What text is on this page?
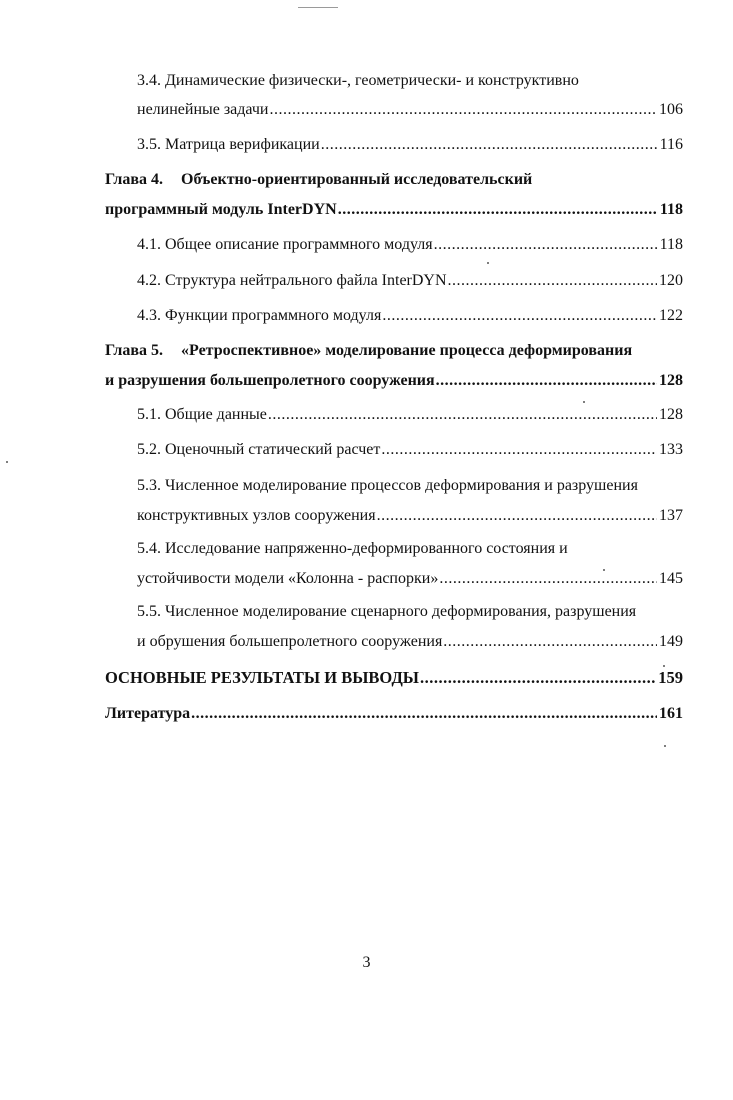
3.4. Динамические физически-, геометрически- и конструктивно
нелинейные задачи .....	106
3.5. Матрица верификации .....	116
Глава 4. Объектно-ориентированный исследовательский
программный модуль InterDYN .....	118
4.1. Общее описание программного модуля .....	118
4.2. Структура нейтрального файла InterDYN .....	120
4.3. Функции программного модуля .....	122
Глава 5. «Ретроспективное» моделирование процесса деформирования
и разрушения большепролетного сооружения .....	128
5.1. Общие данные .....	128
5.2. Оценочный статический расчет .....	133
5.3. Численное моделирование процессов деформирования и разрушения
конструктивных узлов сооружения .....	137
5.4. Исследование напряженно-деформированного состояния и
устойчивости модели «Колонна - распорки» .....	145
5.5. Численное моделирование сценарного деформирования, разрушения
и обрушения большепролетного сооружения .....	149
ОСНОВНЫЕ РЕЗУЛЬТАТЫ И ВЫВОДЫ .....	159
Литература .....	161
3
